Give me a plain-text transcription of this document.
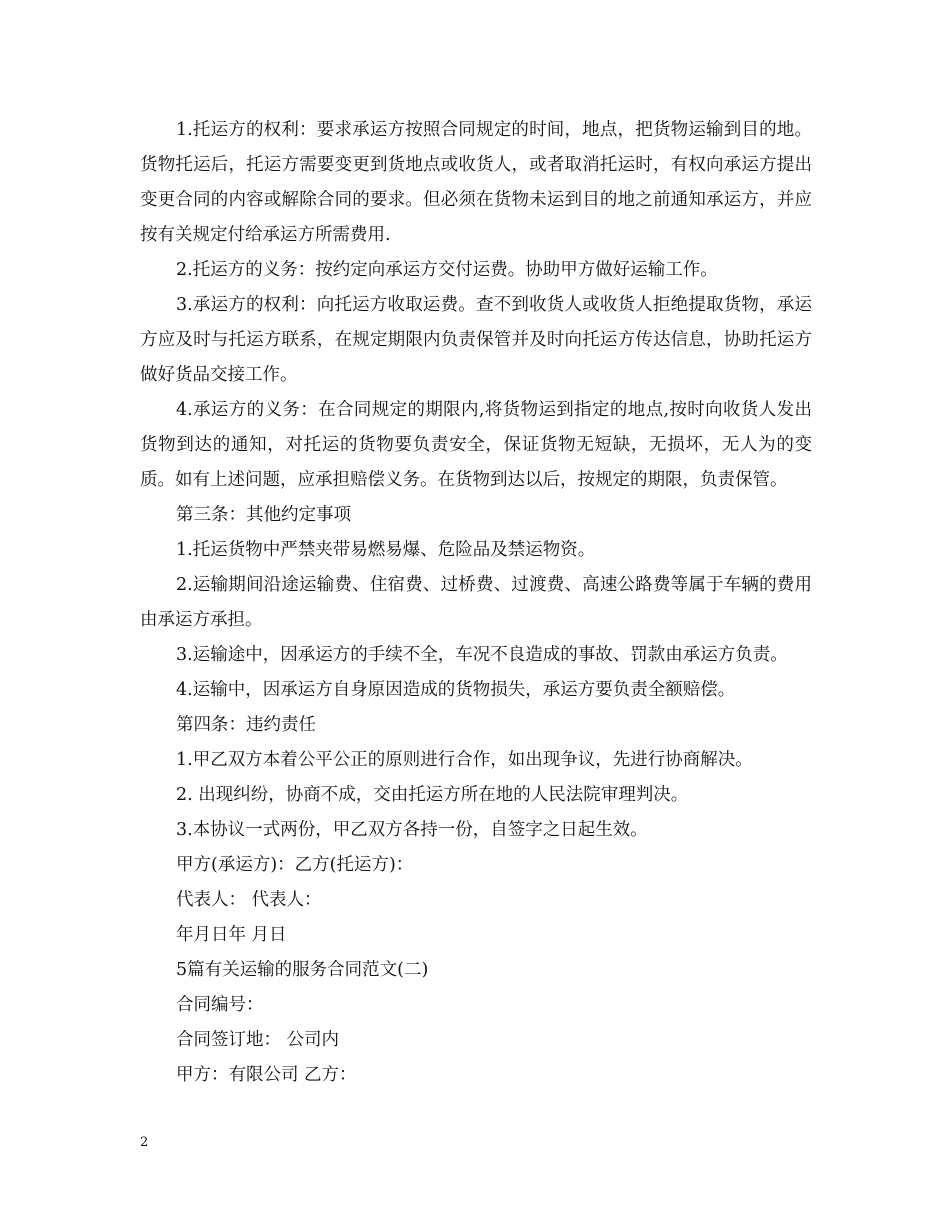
1.托运方的权利：要求承运方按照合同规定的时间，地点，把货物运输到目的地。货物托运后，托运方需要变更到货地点或收货人，或者取消托运时，有权向承运方提出变更合同的内容或解除合同的要求。但必须在货物未运到目的地之前通知承运方，并应按有关规定付给承运方所需费用.

2.托运方的义务：按约定向承运方交付运费。协助甲方做好运输工作。

3.承运方的权利：向托运方收取运费。查不到收货人或收货人拒绝提取货物，承运方应及时与托运方联系，在规定期限内负责保管并及时向托运方传达信息，协助托运方做好货品交接工作。

4.承运方的义务：在合同规定的期限内,将货物运到指定的地点,按时向收货人发出货物到达的通知，对托运的货物要负责安全，保证货物无短缺，无损坏，无人为的变质。如有上述问题，应承担赔偿义务。在货物到达以后，按规定的期限，负责保管。

第三条：其他约定事项

1.托运货物中严禁夹带易燃易爆、危险品及禁运物资。

2.运输期间沿途运输费、住宿费、过桥费、过渡费、高速公路费等属于车辆的费用由承运方承担。

3.运输途中，因承运方的手续不全，车况不良造成的事故、罚款由承运方负责。

4.运输中，因承运方自身原因造成的货物损失，承运方要负责全额赔偿。

第四条：违约责任

1.甲乙双方本着公平公正的原则进行合作，如出现争议，先进行协商解决。

2. 出现纠纷，协商不成，交由托运方所在地的人民法院审理判决。

3.本协议一式两份，甲乙双方各持一份，自签字之日起生效。

甲方(承运方)：乙方(托运方)：

代表人： 代表人：

年月日年 月日

5篇有关运输的服务合同范文(二)

合同编号：

合同签订地： 公司内

甲方：有限公司 乙方：

2
